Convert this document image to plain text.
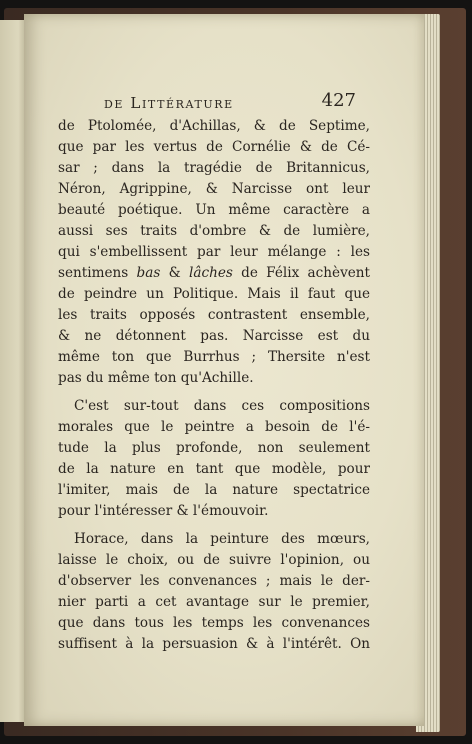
de Littérature	427
de Ptolomée, d'Achillas, & de Septime,
que par les vertus de Cornélie & de Cé-
sar ; dans la tragédie de Britannicus,
Néron, Agrippine, & Narcisse ont leur
beauté poétique. Un même caractère a
aussi ses traits d'ombre & de lumière,
qui s'embellissent par leur mélange : les
sentimens bas & lâches de Félix achèvent
de peindre un Politique. Mais il faut que
les traits opposés contrastent ensemble,
& ne détonnent pas. Narcisse est du
même ton que Burrhus ; Thersite n'est
pas du même ton qu'Achille.
C'est sur-tout dans ces compositions
morales que le peintre a besoin de l'é-
tude la plus profonde, non seulement
de la nature en tant que modèle, pour
l'imiter, mais de la nature spectatrice
pour l'intéresser & l'émouvoir.
Horace, dans la peinture des mœurs,
laisse le choix, ou de suivre l'opinion, ou
d'observer les convenances ; mais le der-
nier parti a cet avantage sur le premier,
que dans tous les temps les convenances
suffisent à la persuasion & à l'intérêt. On
